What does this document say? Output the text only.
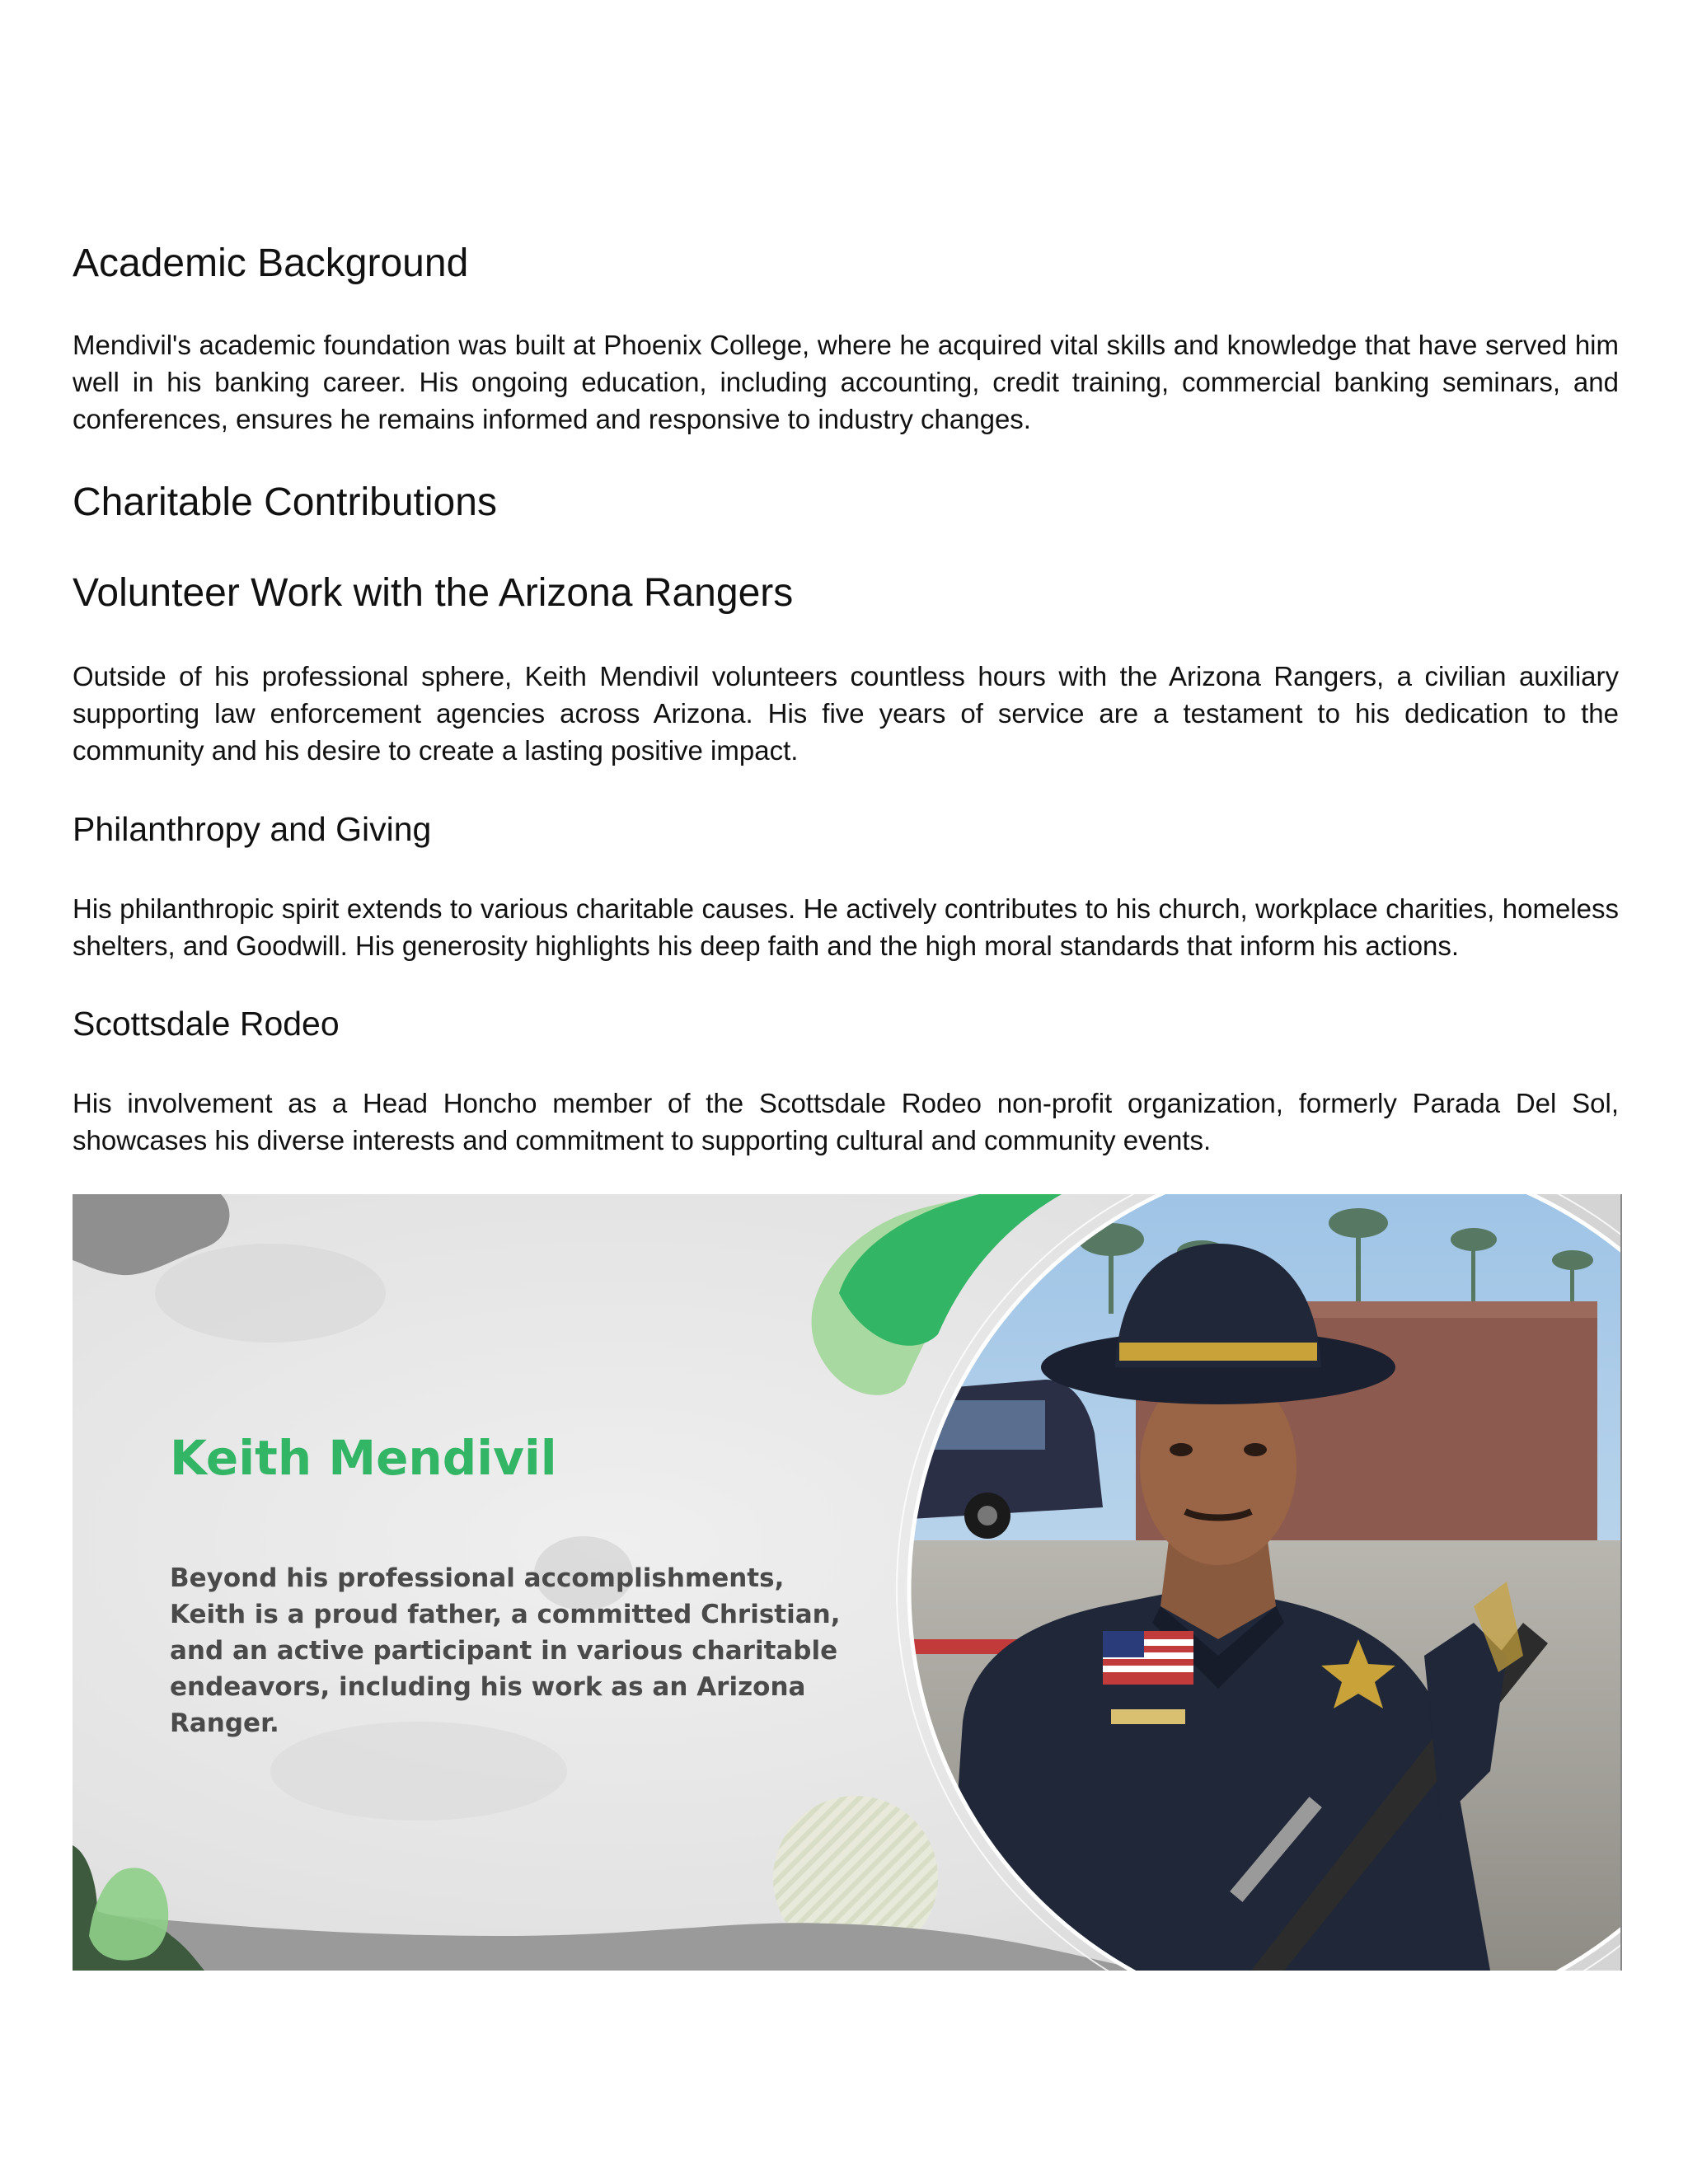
Academic Background

Mendivil's academic foundation was built at Phoenix College, where he acquired vital skills and knowledge that have served him well in his banking career. His ongoing education, including accounting, credit training, commercial banking seminars, and conferences, ensures he remains informed and responsive to industry changes.

Charitable Contributions
Volunteer Work with the Arizona Rangers

Outside of his professional sphere, Keith Mendivil volunteers countless hours with the Arizona Rangers, a civilian auxiliary supporting law enforcement agencies across Arizona. His five years of service are a testament to his dedication to the community and his desire to create a lasting positive impact.

Philanthropy and Giving

His philanthropic spirit extends to various charitable causes. He actively contributes to his church, workplace charities, homeless shelters, and Goodwill. His generosity highlights his deep faith and the high moral standards that inform his actions.

Scottsdale Rodeo

His involvement as a Head Honcho member of the Scottsdale Rodeo non-profit organization, formerly Parada Del Sol, showcases his diverse interests and commitment to supporting cultural and community events.

Keith Mendivil
Beyond his professional accomplishments, Keith is a proud father, a committed Christian, and an active participant in various charitable endeavors, including his work as an Arizona Ranger.
